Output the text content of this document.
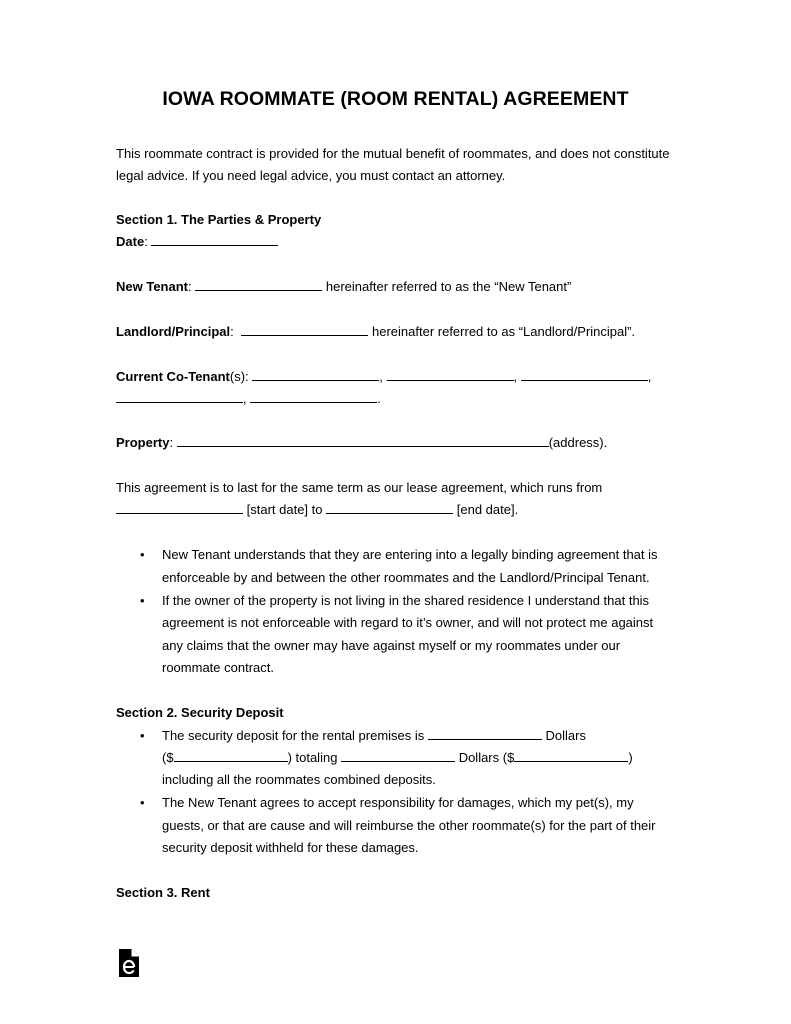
IOWA ROOMMATE (ROOM RENTAL) AGREEMENT
This roommate contract is provided for the mutual benefit of roommates, and does not constitute
legal advice. If you need legal advice, you must contact an attorney.
Section 1. The Parties & Property
Date:
New Tenant:	hereinafter referred to as the “New Tenant”
Landlord/Principal:	hereinafter referred to as “Landlord/Principal”.
Current Co-Tenant(s):	,	,	,
,	.
Property:	(address).
This agreement is to last for the same term as our lease agreement, which runs from
[start date] to	[end date].
• New Tenant understands that they are entering into a legally binding agreement that is
enforceable by and between the other roommates and the Landlord/Principal Tenant.
• If the owner of the property is not living in the shared residence I understand that this
agreement is not enforceable with regard to it’s owner, and will not protect me against
any claims that the owner may have against myself or my roommates under our
roommate contract.
Section 2. Security Deposit
• The security deposit for the rental premises is	Dollars
($	) totaling	Dollars ($	)
including all the roommates combined deposits.
• The New Tenant agrees to accept responsibility for damages, which my pet(s), my
guests, or that are cause and will reimburse the other roommate(s) for the part of their
security deposit withheld for these damages.
Section 3. Rent
